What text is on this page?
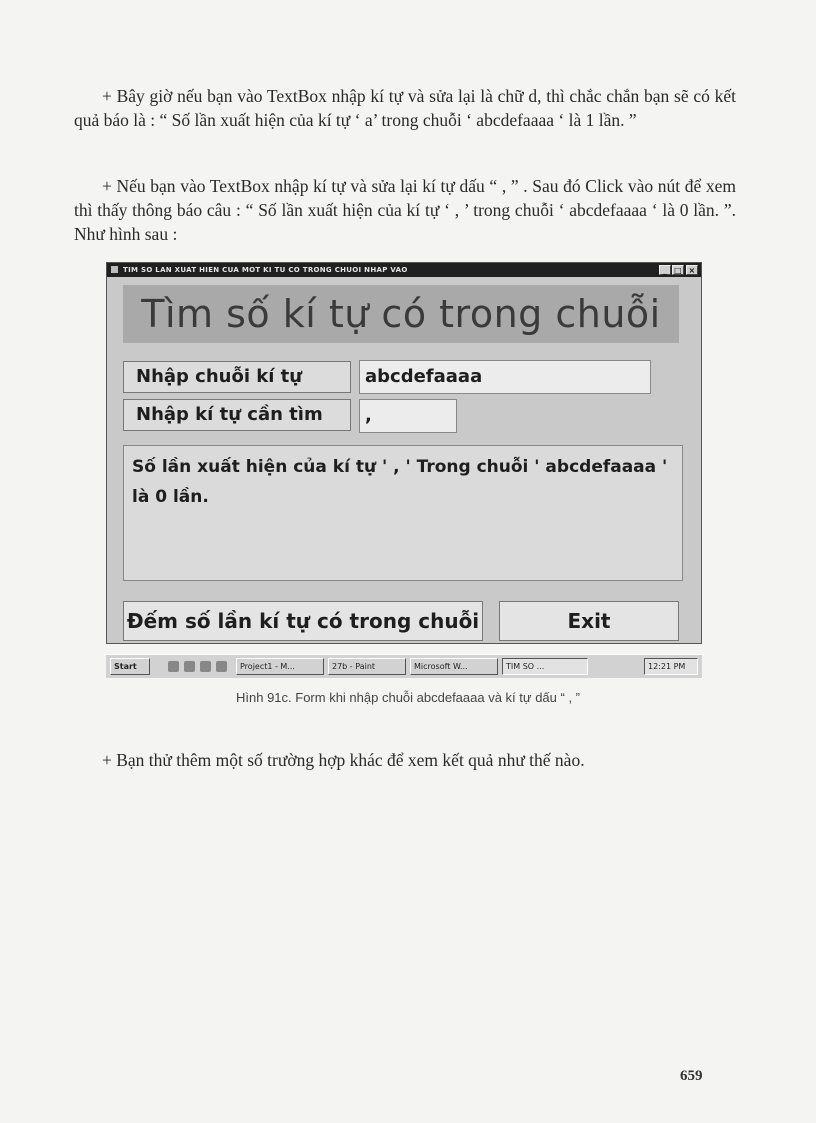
+ Bây giờ nếu bạn vào TextBox nhập kí tự và sửa lại là chữ d, thì chắc chắn bạn sẽ có kết quả báo là : “ Số lần xuất hiện của kí tự ‘ a’ trong chuỗi ‘ abcdefaaaa ‘ là 1 lần. ”

+ Nếu bạn vào TextBox nhập kí tự và sửa lại kí tự dấu “ , ” . Sau đó Click vào nút để xem thì thấy thông báo câu : “ Số lần xuất hiện của kí tự ‘ , ’ trong chuỗi ‘ abcdefaaaa ‘ là 0 lần. ”. Như hình sau :

TIM SO LAN XUAT HIEN CUA MOT KI TU CO TRONG CHUOI NHAP VAO	_ □ ×
Tìm số kí tự có trong chuỗi
Nhập chuỗi kí tự	abcdefaaaa
Nhập kí tự cần tìm	,
Số lần xuất hiện của kí tự ' , ' Trong chuỗi ' abcdefaaaa ' là 0 lần.
Đếm số lần kí tự có trong chuỗi	Exit
Start	Project1 - M...	27b - Paint	Microsoft W...	TIM SO ...	12:21 PM
Hình 91c. Form khi nhập chuỗi abcdefaaaa và kí tự dấu “ , ”

+ Bạn thử thêm một số trường hợp khác để xem kết quả như thế nào.

659
